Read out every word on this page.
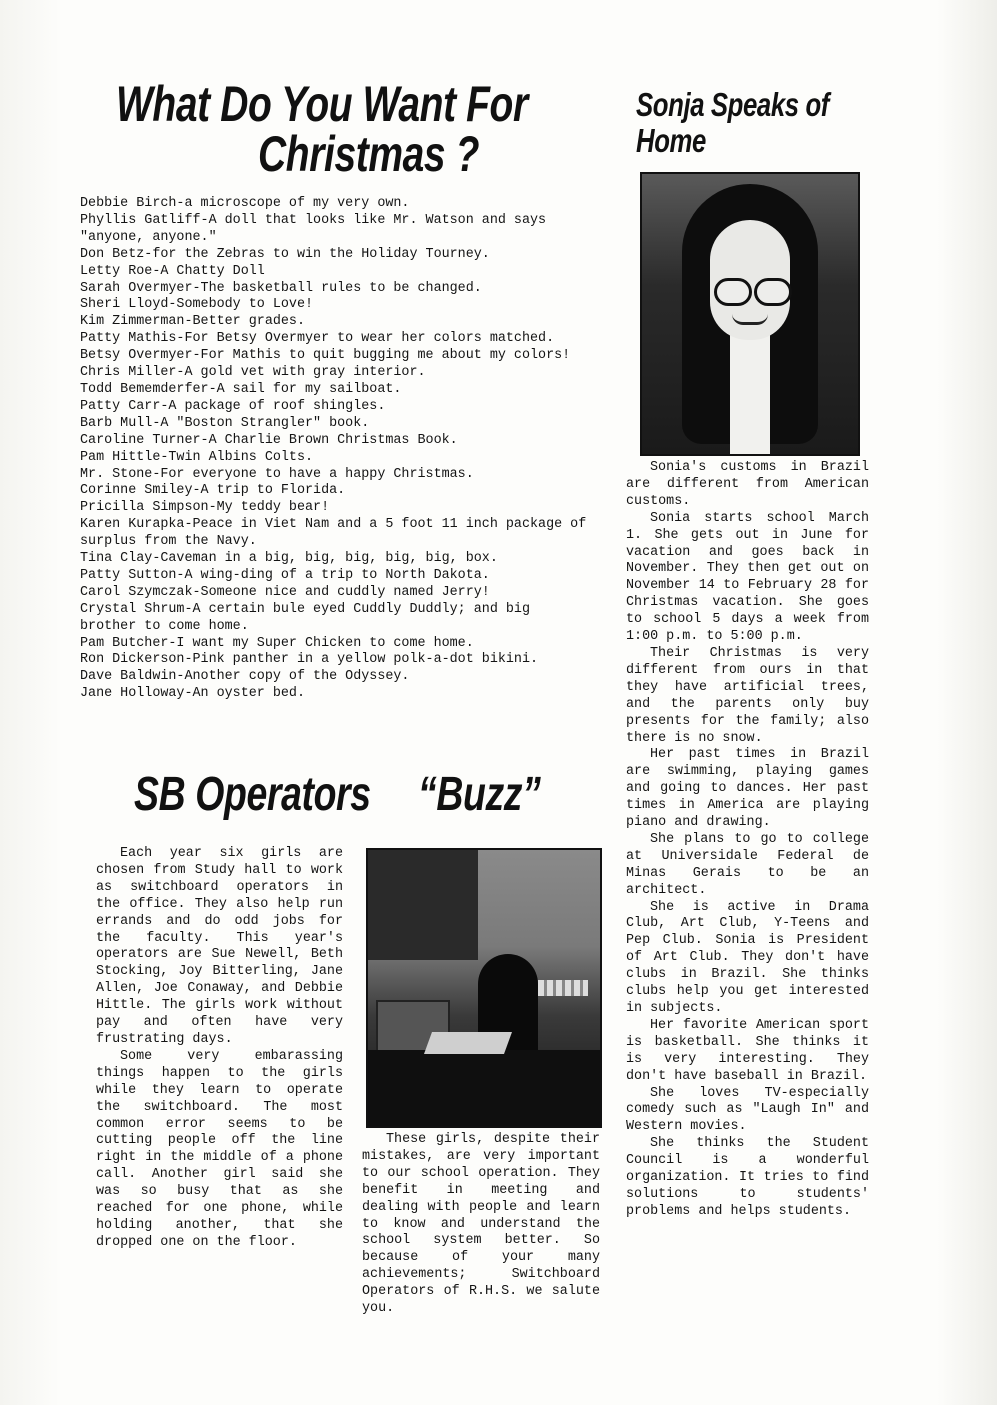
What Do You Want For
Christmas ?
Debbie Birch-a microscope of my very own.
Phyllis Gatliff-A doll that looks like Mr. Watson and says "anyone, anyone."
Don Betz-for the Zebras to win the Holiday Tourney.
Letty Roe-A Chatty Doll
Sarah Overmyer-The basketball rules to be changed.
Sheri Lloyd-Somebody to Love!
Kim Zimmerman-Better grades.
Patty Mathis-For Betsy Overmyer to wear her colors matched.
Betsy Overmyer-For Mathis to quit bugging me about my colors!
Chris Miller-A gold vet with gray interior.
Todd Bememderfer-A sail for my sailboat.
Patty Carr-A package of roof shingles.
Barb Mull-A "Boston Strangler" book.
Caroline Turner-A Charlie Brown Christmas Book.
Pam Hittle-Twin Albins Colts.
Mr. Stone-For everyone to have a happy Christmas.
Corinne Smiley-A trip to Florida.
Pricilla Simpson-My teddy bear!
Karen Kurapka-Peace in Viet Nam and a 5 foot 11 inch package of surplus from the Navy.
Tina Clay-Caveman in a big, big, big, big, big, box.
Patty Sutton-A wing-ding of a trip to North Dakota.
Carol Szymczak-Someone nice and cuddly named Jerry!
Crystal Shrum-A certain bule eyed Cuddly Duddly; and big brother to come home.
Pam Butcher-I want my Super Chicken to come home.
Ron Dickerson-Pink panther in a yellow polk-a-dot bikini.
Dave Baldwin-Another copy of the Odyssey.
Jane Holloway-An oyster bed.
Sonja Speaks of
Home

Sonia's customs in Brazil are different from American customs.

Sonia starts school March 1. She gets out in June for vacation and goes back in November. They then get out on November 14 to February 28 for Christmas vacation. She goes to school 5 days a week from 1:00 p.m. to 5:00 p.m.

Their Christmas is very different from ours in that they have artificial trees, and the parents only buy presents for the family; also there is no snow.

Her past times in Brazil are swimming, playing games and going to dances. Her past times in America are playing piano and drawing.

She plans to go to college at Universidale Federal de Minas Gerais to be an architect.

She is active in Drama Club, Art Club, Y-Teens and Pep Club. Sonia is President of Art Club. They don't have clubs in Brazil. She thinks clubs help you get interested in subjects.

Her favorite American sport is basketball. She thinks it is very interesting. They don't have baseball in Brazil.

She loves TV-especially comedy such as "Laugh In" and Western movies.

She thinks the Student Council is a wonderful organization. It tries to find solutions to students' problems and helps students.

SB Operators “Buzz”

Each year six girls are chosen from Study hall to work as switchboard operators in the office. They also help run errands and do odd jobs for the faculty. This year's operators are Sue Newell, Beth Stocking, Joy Bitterling, Jane Allen, Joe Conaway, and Debbie Hittle. The girls work without pay and often have very frustrating days.

Some very embarassing things happen to the girls while they learn to operate the switchboard. The most common error seems to be cutting people off the line right in the middle of a phone call. Another girl said she was so busy that as she reached for one phone, while holding another, that she dropped one on the floor.

These girls, despite their mistakes, are very important to our school operation. They benefit in meeting and dealing with people and learn to know and understand the school system better. So because of your many achievements; Switchboard Operators of R.H.S. we salute you.
